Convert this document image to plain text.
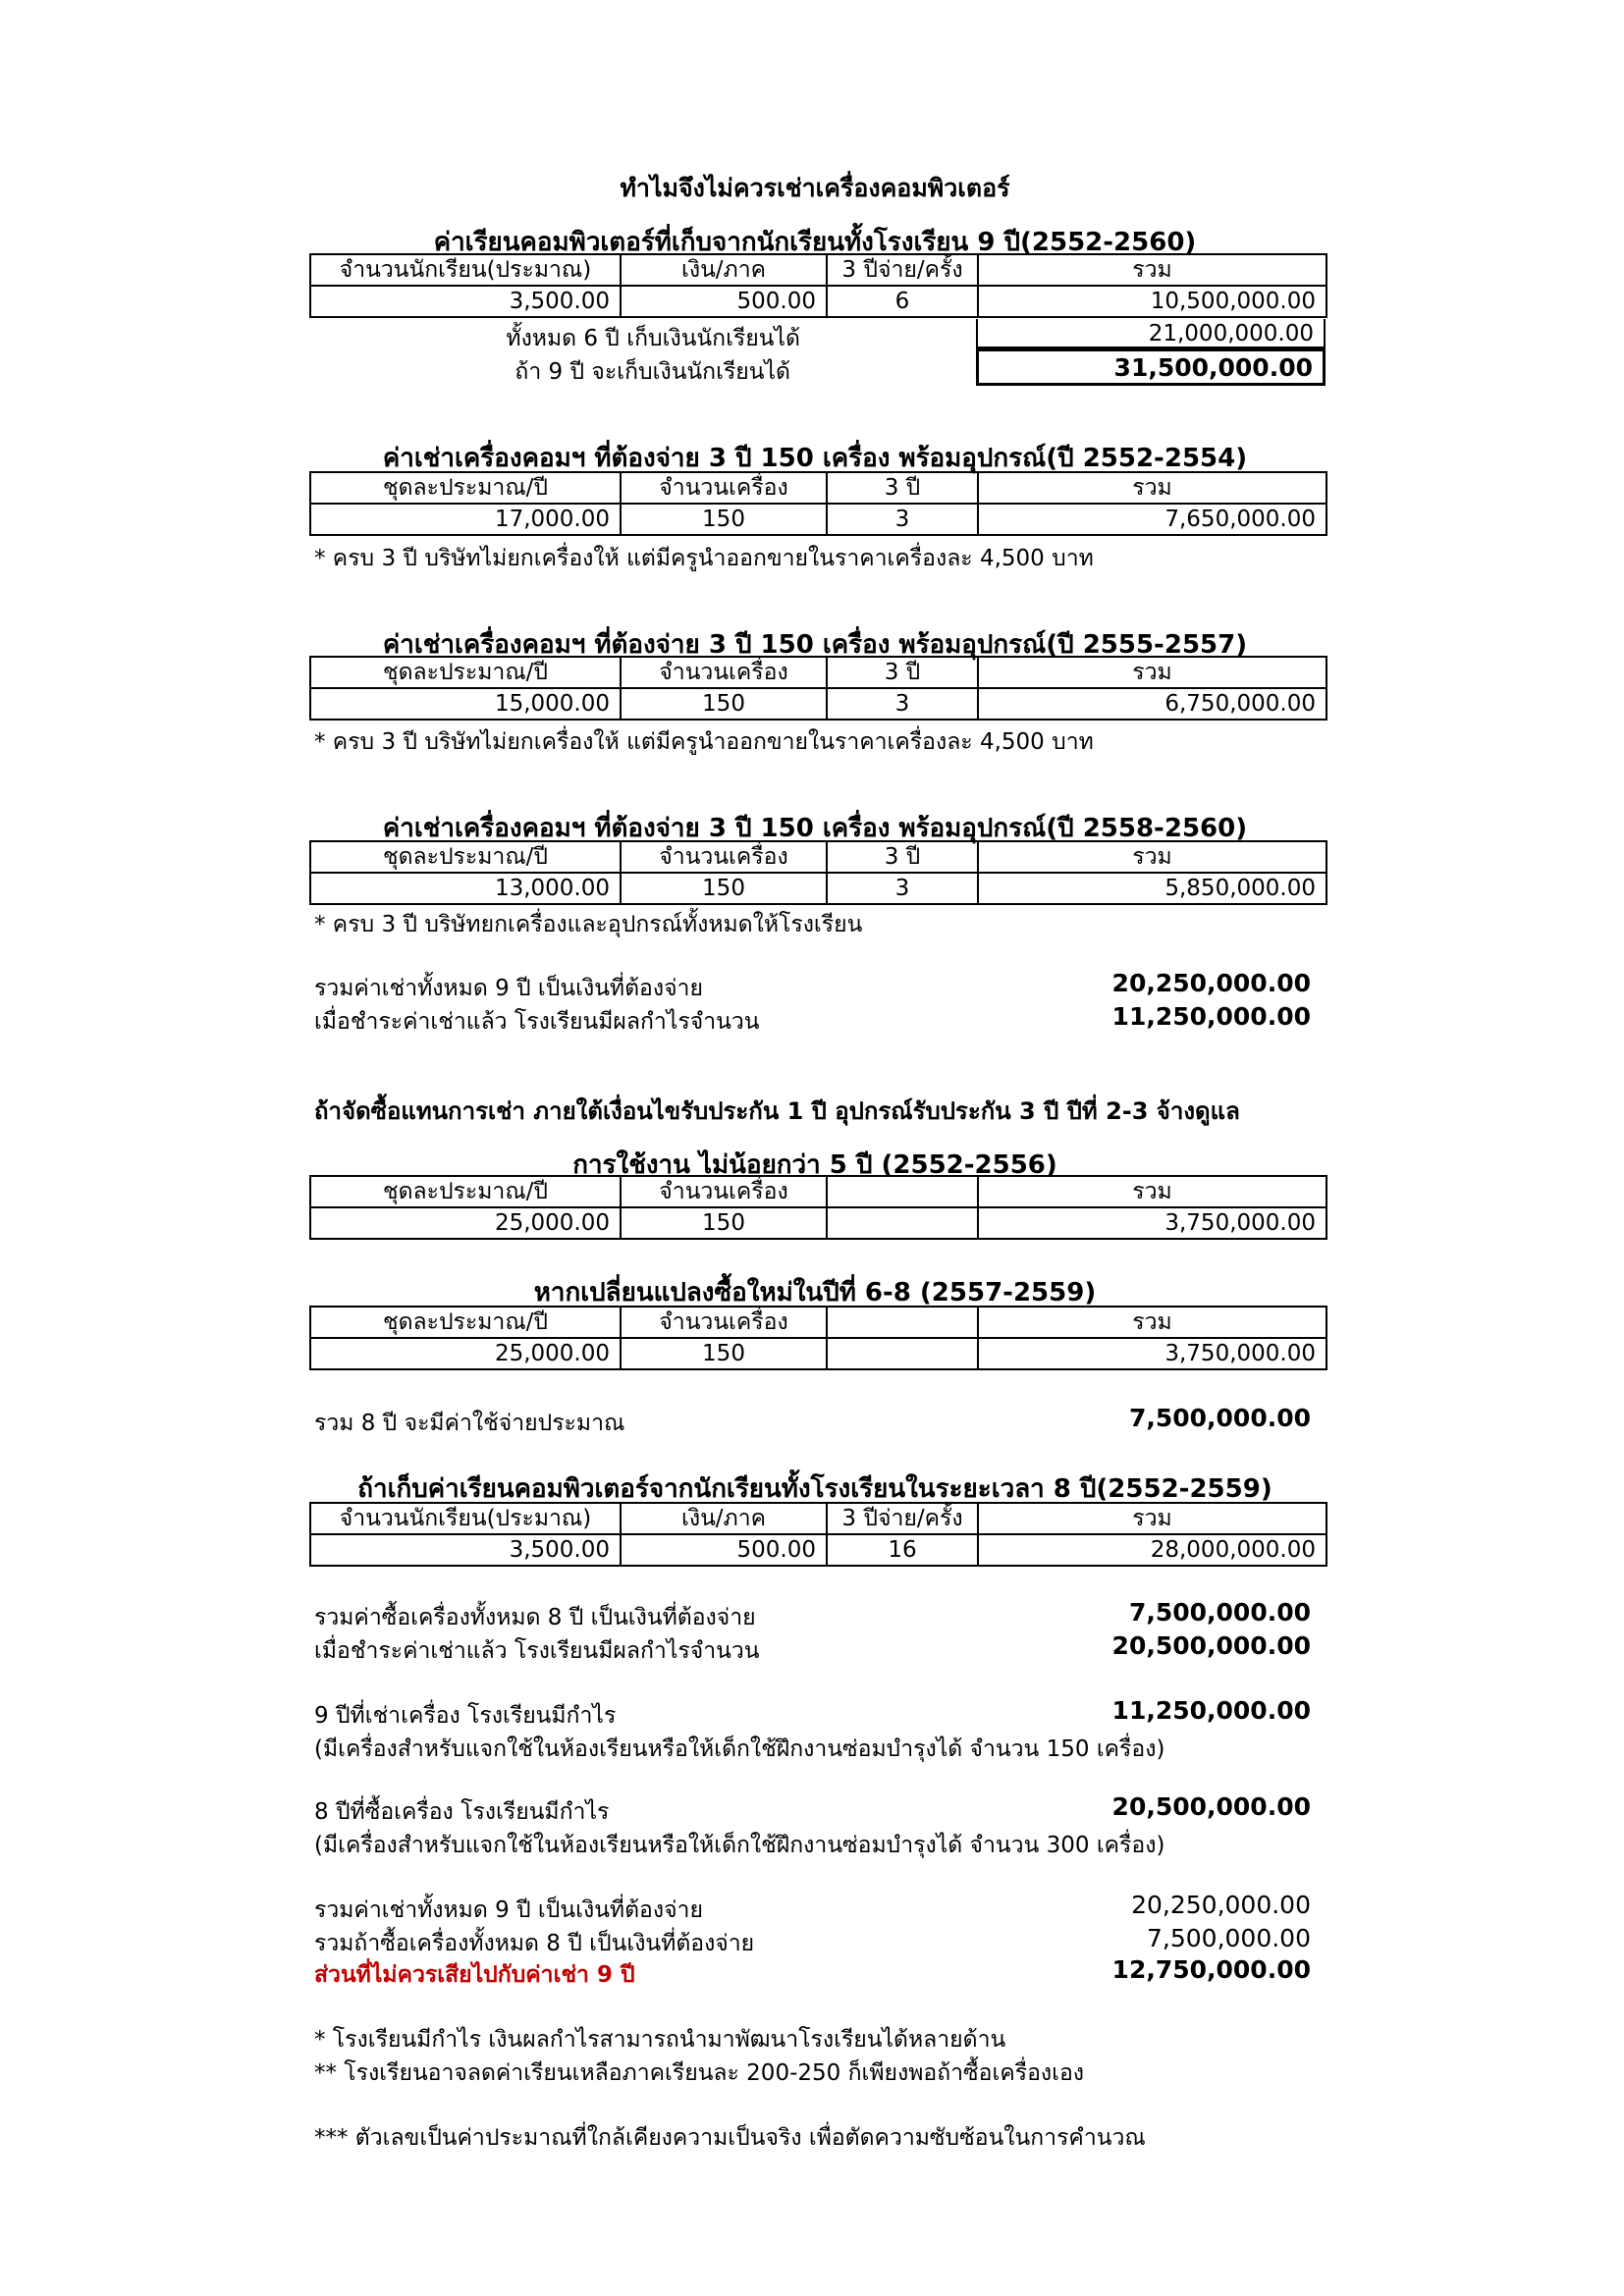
ทำไมจึงไม่ควรเช่าเครื่องคอมพิวเตอร์
ค่าเรียนคอมพิวเตอร์ที่เก็บจากนักเรียนทั้งโรงเรียน 9 ปี(2552-2560)
จำนวนนักเรียน(ประมาณ)	เงิน/ภาค	3 ปีจ่าย/ครั้ง	รวม
3,500.00	500.00	6	10,500,000.00
ทั้งหมด 6 ปี เก็บเงินนักเรียนได้	21,000,000.00
ถ้า 9 ปี จะเก็บเงินนักเรียนได้	31,500,000.00
ค่าเช่าเครื่องคอมฯ ที่ต้องจ่าย 3 ปี 150 เครื่อง พร้อมอุปกรณ์(ปี 2552-2554)
ชุดละประมาณ/ปี	จำนวนเครื่อง	3 ปี	รวม
17,000.00	150	3	7,650,000.00
* ครบ 3 ปี บริษัทไม่ยกเครื่องให้ แต่มีครูนำออกขายในราคาเครื่องละ 4,500 บาท
ค่าเช่าเครื่องคอมฯ ที่ต้องจ่าย 3 ปี 150 เครื่อง พร้อมอุปกรณ์(ปี 2555-2557)
ชุดละประมาณ/ปี	จำนวนเครื่อง	3 ปี	รวม
15,000.00	150	3	6,750,000.00
* ครบ 3 ปี บริษัทไม่ยกเครื่องให้ แต่มีครูนำออกขายในราคาเครื่องละ 4,500 บาท
ค่าเช่าเครื่องคอมฯ ที่ต้องจ่าย 3 ปี 150 เครื่อง พร้อมอุปกรณ์(ปี 2558-2560)
ชุดละประมาณ/ปี	จำนวนเครื่อง	3 ปี	รวม
13,000.00	150	3	5,850,000.00
* ครบ 3 ปี บริษัทยกเครื่องและอุปกรณ์ทั้งหมดให้โรงเรียน
รวมค่าเช่าทั้งหมด 9 ปี เป็นเงินที่ต้องจ่าย	20,250,000.00
เมื่อชำระค่าเช่าแล้ว โรงเรียนมีผลกำไรจำนวน	11,250,000.00
ถ้าจัดซื้อแทนการเช่า ภายใต้เงื่อนไขรับประกัน 1 ปี อุปกรณ์รับประกัน 3 ปี ปีที่ 2-3 จ้างดูแล
การใช้งาน ไม่น้อยกว่า 5 ปี (2552-2556)
ชุดละประมาณ/ปี	จำนวนเครื่อง		รวม
25,000.00	150		3,750,000.00
หากเปลี่ยนแปลงซื้อใหม่ในปีที่ 6-8 (2557-2559)
ชุดละประมาณ/ปี	จำนวนเครื่อง		รวม
25,000.00	150		3,750,000.00
รวม 8 ปี จะมีค่าใช้จ่ายประมาณ	7,500,000.00
ถ้าเก็บค่าเรียนคอมพิวเตอร์จากนักเรียนทั้งโรงเรียนในระยะเวลา 8 ปี(2552-2559)
จำนวนนักเรียน(ประมาณ)	เงิน/ภาค	3 ปีจ่าย/ครั้ง	รวม
3,500.00	500.00	16	28,000,000.00
รวมค่าซื้อเครื่องทั้งหมด 8 ปี เป็นเงินที่ต้องจ่าย	7,500,000.00
เมื่อชำระค่าเช่าแล้ว โรงเรียนมีผลกำไรจำนวน	20,500,000.00
9 ปีที่เช่าเครื่อง โรงเรียนมีกำไร	11,250,000.00
(มีเครื่องสำหรับแจกใช้ในห้องเรียนหรือให้เด็กใช้ฝึกงานซ่อมบำรุงได้ จำนวน 150 เครื่อง)
8 ปีที่ซื้อเครื่อง โรงเรียนมีกำไร	20,500,000.00
(มีเครื่องสำหรับแจกใช้ในห้องเรียนหรือให้เด็กใช้ฝึกงานซ่อมบำรุงได้ จำนวน 300 เครื่อง)
รวมค่าเช่าทั้งหมด 9 ปี เป็นเงินที่ต้องจ่าย	20,250,000.00
รวมถ้าซื้อเครื่องทั้งหมด 8 ปี เป็นเงินที่ต้องจ่าย	7,500,000.00
ส่วนที่ไม่ควรเสียไปกับค่าเช่า 9 ปี	12,750,000.00
* โรงเรียนมีกำไร เงินผลกำไรสามารถนำมาพัฒนาโรงเรียนได้หลายด้าน
** โรงเรียนอาจลดค่าเรียนเหลือภาคเรียนละ 200-250 ก็เพียงพอถ้าซื้อเครื่องเอง
*** ตัวเลขเป็นค่าประมาณที่ใกล้เคียงความเป็นจริง เพื่อตัดความซับซ้อนในการคำนวณ
